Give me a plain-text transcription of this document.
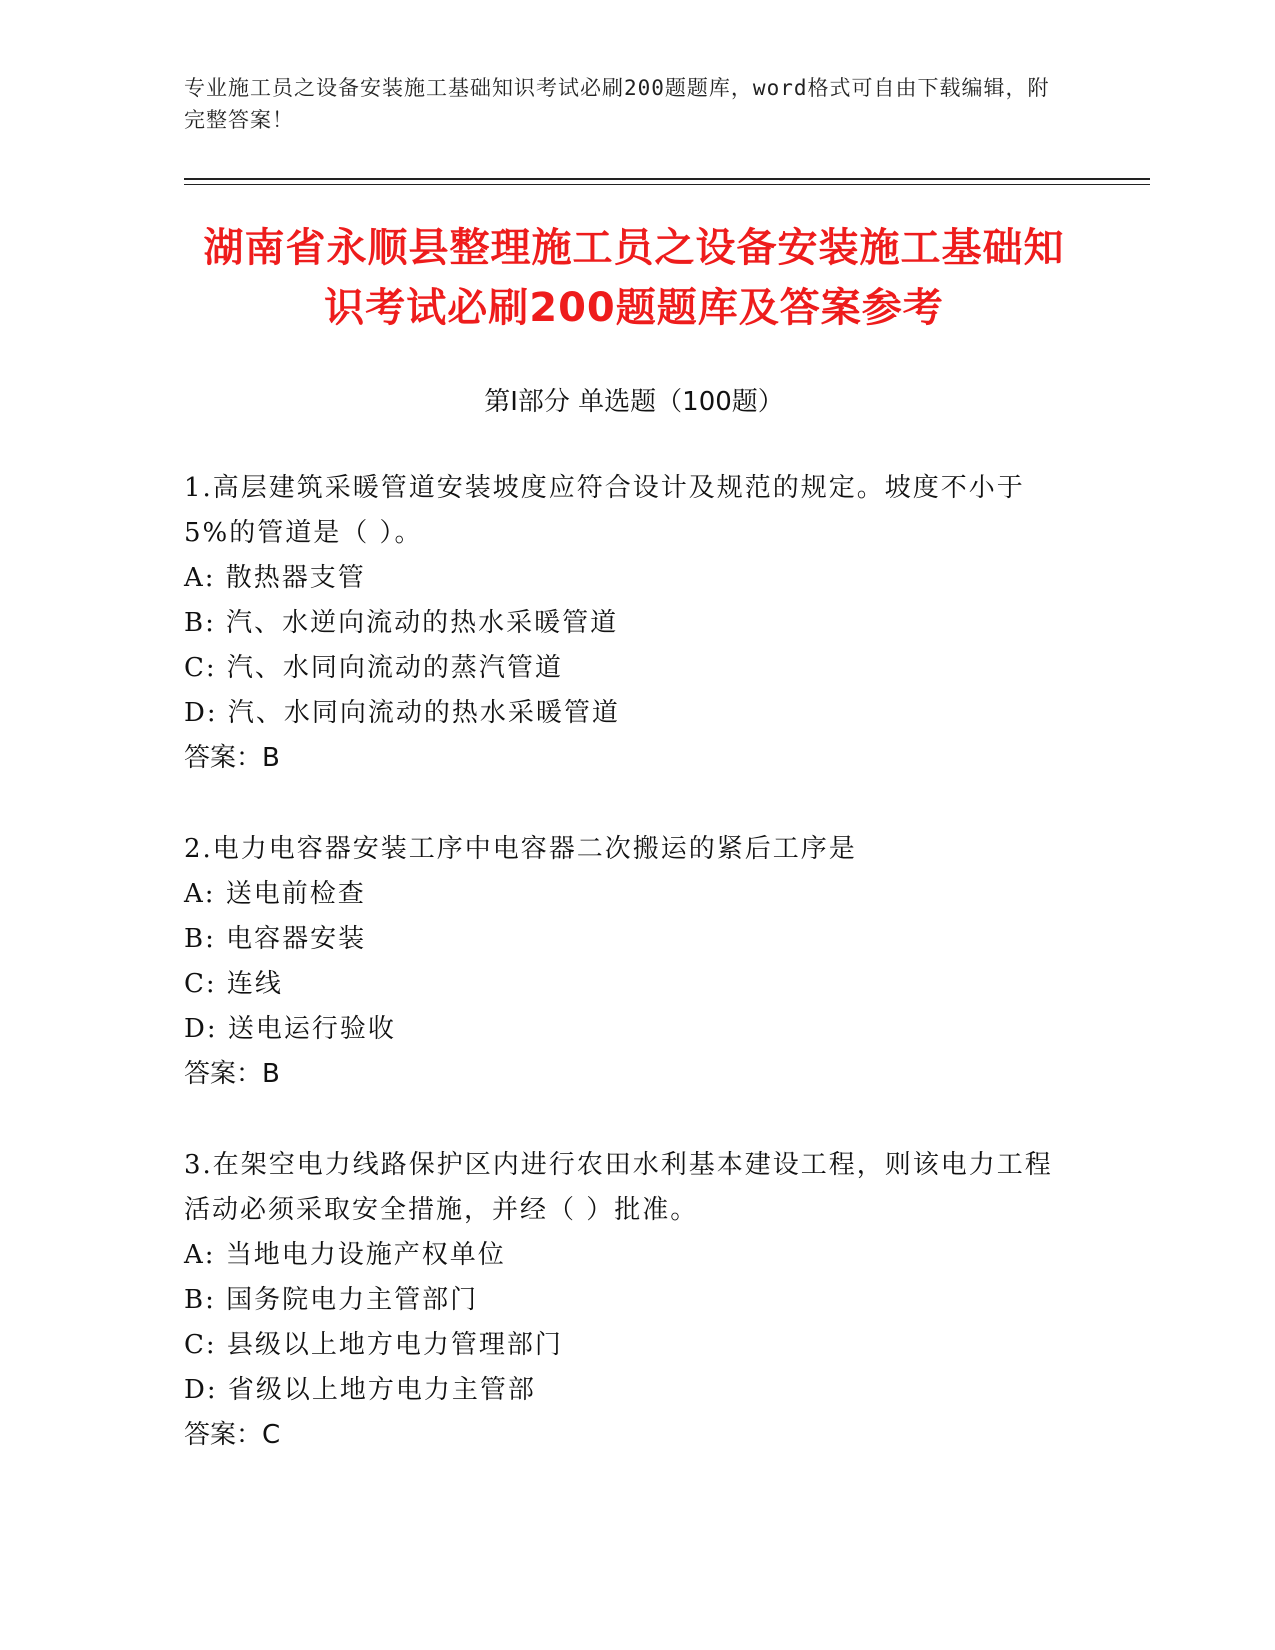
专业施工员之设备安装施工基础知识考试必刷200题题库，word格式可自由下载编辑，附完整答案！
湖南省永顺县整理施工员之设备安装施工基础知识考试必刷200题题库及答案参考
第Ⅰ部分 单选题（100题）
1.高层建筑采暖管道安装坡度应符合设计及规范的规定。坡度不小于5%的管道是（ ）。
A: 散热器支管
B: 汽、水逆向流动的热水采暖管道
C: 汽、水同向流动的蒸汽管道
D: 汽、水同向流动的热水采暖管道
答案：B
2.电力电容器安装工序中电容器二次搬运的紧后工序是
A: 送电前检查
B: 电容器安装
C: 连线
D: 送电运行验收
答案：B
3.在架空电力线路保护区内进行农田水利基本建设工程，则该电力工程活动必须采取安全措施，并经（ ）批准。
A: 当地电力设施产权单位
B: 国务院电力主管部门
C: 县级以上地方电力管理部门
D: 省级以上地方电力主管部
答案：C
